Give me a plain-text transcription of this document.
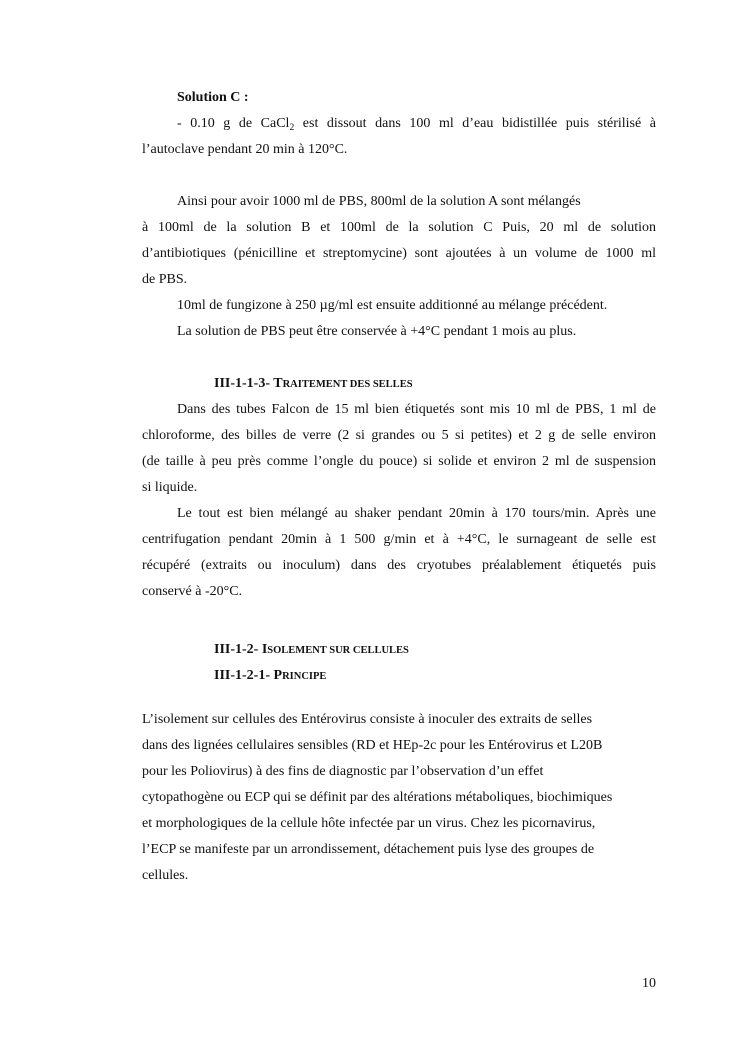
Solution C :
- 0.10 g de CaCl$_2$ est dissout dans 100 ml d’eau bidistillée puis stérilisé à
l’autoclave pendant 20 min à 120°C.
Ainsi pour avoir 1000 ml de PBS, 800ml de la solution A sont mélangés
à 100ml de la solution B et 100ml de la solution C Puis, 20 ml de solution
d’antibiotiques (pénicilline et streptomycine) sont ajoutées à un volume de 1000 ml
de PBS.
10ml de fungizone à 250 µg/ml est ensuite additionné au mélange précédent.
La solution de PBS peut être conservée à +4°C pendant 1 mois au plus.
III-1-1-3- TRAITEMENT DES SELLES
Dans des tubes Falcon de 15 ml bien étiquetés sont mis 10 ml de PBS, 1 ml de
chloroforme, des billes de verre (2 si grandes ou 5 si petites) et 2 g de selle environ
(de taille à peu près comme l’ongle du pouce) si solide et environ 2 ml de suspension
si liquide.
Le tout est bien mélangé au shaker pendant 20min à 170 tours/min. Après une
centrifugation pendant 20min à 1 500 g/min et à +4°C, le surnageant de selle est
récupéré (extraits ou inoculum) dans des cryotubes préalablement étiquetés puis
conservé à -20°C.
III-1-2- ISOLEMENT SUR CELLULES
III-1-2-1- PRINCIPE
L’isolement sur cellules des Entérovirus consiste à inoculer des extraits de selles
dans des lignées cellulaires sensibles (RD et HEp-2c pour les Entérovirus et L20B
pour les Poliovirus) à des fins de diagnostic par l’observation d’un effet
cytopathogène ou ECP qui se définit par des altérations métaboliques, biochimiques
et morphologiques de la cellule hôte infectée par un virus. Chez les picornavirus,
l’ECP se manifeste par un arrondissement, détachement puis lyse des groupes de
cellules.
10
